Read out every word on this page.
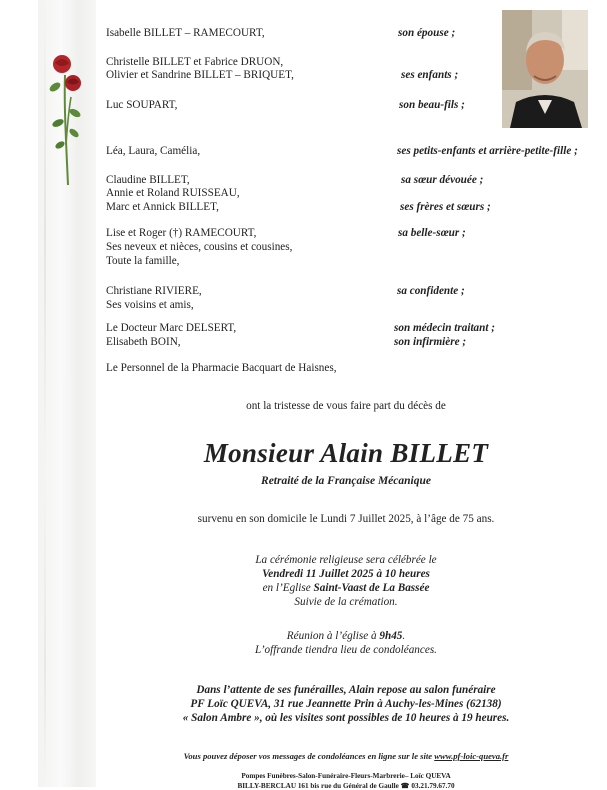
Isabelle BILLET – RAMECOURT,	son épouse ;
Christelle BILLET et Fabrice DRUON,
Olivier et Sandrine BILLET – BRIQUET,	ses enfants ;
Luc SOUPART,	son beau-fils ;
Léa, Laura, Camélia,	ses petits-enfants et arrière-petite-fille ;
Claudine BILLET,	sa sœur dévouée ;
Annie et Roland RUISSEAU,
Marc et Annick BILLET,	ses frères et sœurs ;
Lise et Roger (†) RAMECOURT,	sa belle-sœur ;
Ses neveux et nièces, cousins et cousines,
Toute la famille,
Christiane RIVIERE,	sa confidente ;
Ses voisins et amis,
Le Docteur Marc DELSERT,	son médecin traitant ;
Elisabeth BOIN,	son infirmière ;
Le Personnel de la Pharmacie Bacquart de Haisnes,
ont la tristesse de vous faire part du décès de
Monsieur Alain BILLET
Retraité de la Française Mécanique
survenu en son domicile le Lundi 7 Juillet 2025, à l’âge de 75 ans.
La cérémonie religieuse sera célébrée le
Vendredi 11 Juillet 2025 à 10 heures
en l’Eglise Saint-Vaast de La Bassée
Suivie de la crémation.
Réunion à l’église à 9h45.
L’offrande tiendra lieu de condoléances.
Dans l’attente de ses funérailles, Alain repose au salon funéraire
PF Loïc QUEVA, 31 rue Jeannette Prin à Auchy-les-Mines (62138)
« Salon Ambre », où les visites sont possibles de 10 heures à 19 heures.
Vous pouvez déposer vos messages de condoléances en ligne sur le site www.pf-loic-queva.fr
Pompes Funèbres-Salon-Funéraire-Fleurs-Marbrerie– Loïc QUEVA
BILLY-BERCLAU 161 bis rue du Général de Gaulle ☎ 03.21.79.67.70
